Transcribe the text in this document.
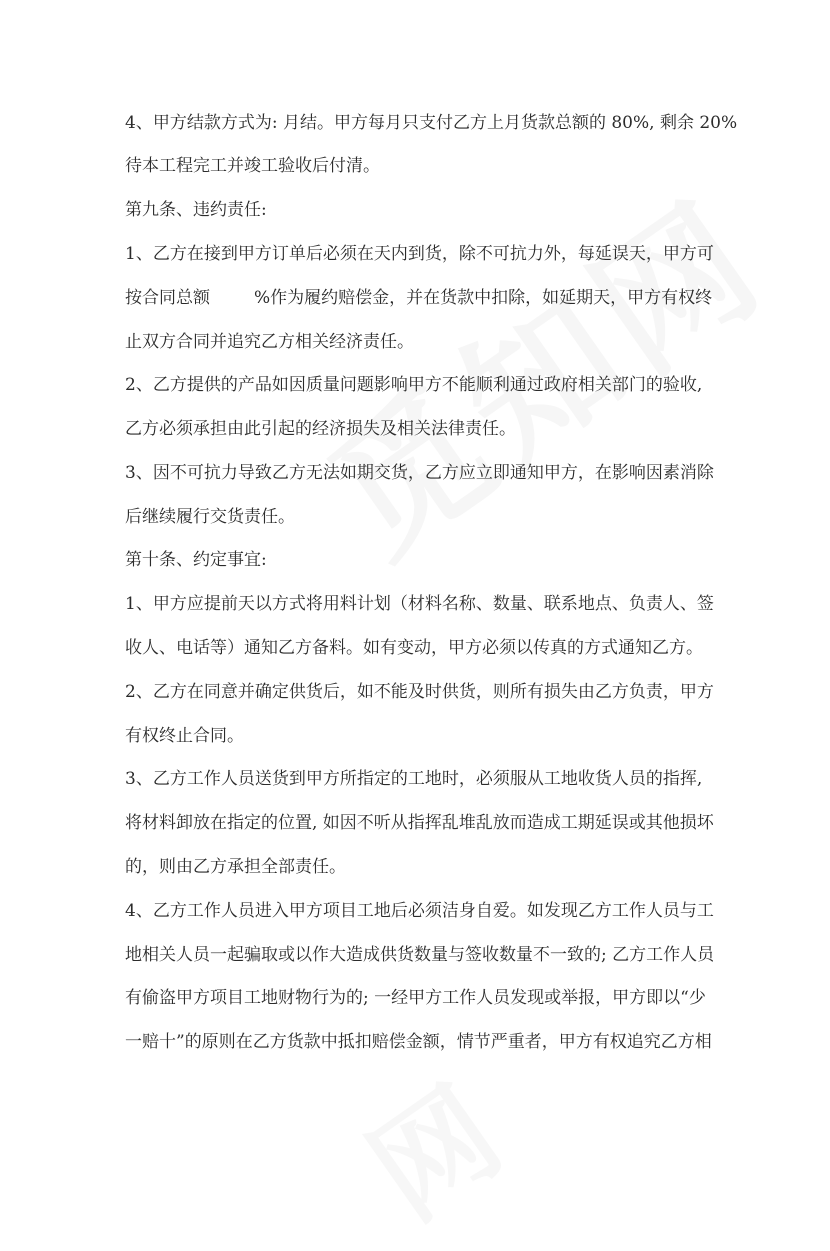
4、甲方结款方式为: 月结。甲方每月只支付乙方上月货款总额的 80%, 剩余 20%
待本工程完工并竣工验收后付清。
第九条、违约责任:
1、乙方在接到甲方订单后必须在天内到货，除不可抗力外，每延误天，甲方可
按合同总额	%作为履约赔偿金，并在货款中扣除，如延期天，甲方有权终
止双方合同并追究乙方相关经济责任。
2、乙方提供的产品如因质量问题影响甲方不能顺利通过政府相关部门的验收,
乙方必须承担由此引起的经济损失及相关法律责任。
3、因不可抗力导致乙方无法如期交货，乙方应立即通知甲方，在影响因素消除
后继续履行交货责任。
第十条、约定事宜:
1、甲方应提前天以方式将用料计划（材料名称、数量、联系地点、负责人、签
收人、电话等）通知乙方备料。如有变动，甲方必须以传真的方式通知乙方。
2、乙方在同意并确定供货后，如不能及时供货，则所有损失由乙方负责，甲方
有权终止合同。
3、乙方工作人员送货到甲方所指定的工地时，必须服从工地收货人员的指挥,
将材料卸放在指定的位置, 如因不听从指挥乱堆乱放而造成工期延误或其他损坏
的，则由乙方承担全部责任。
4、乙方工作人员进入甲方项目工地后必须洁身自爱。如发现乙方工作人员与工
地相关人员一起骗取或以作大造成供货数量与签收数量不一致的; 乙方工作人员
有偷盗甲方项目工地财物行为的; 一经甲方工作人员发现或举报，甲方即以“少
一赔十”的原则在乙方货款中抵扣赔偿金额，情节严重者，甲方有权追究乙方相
